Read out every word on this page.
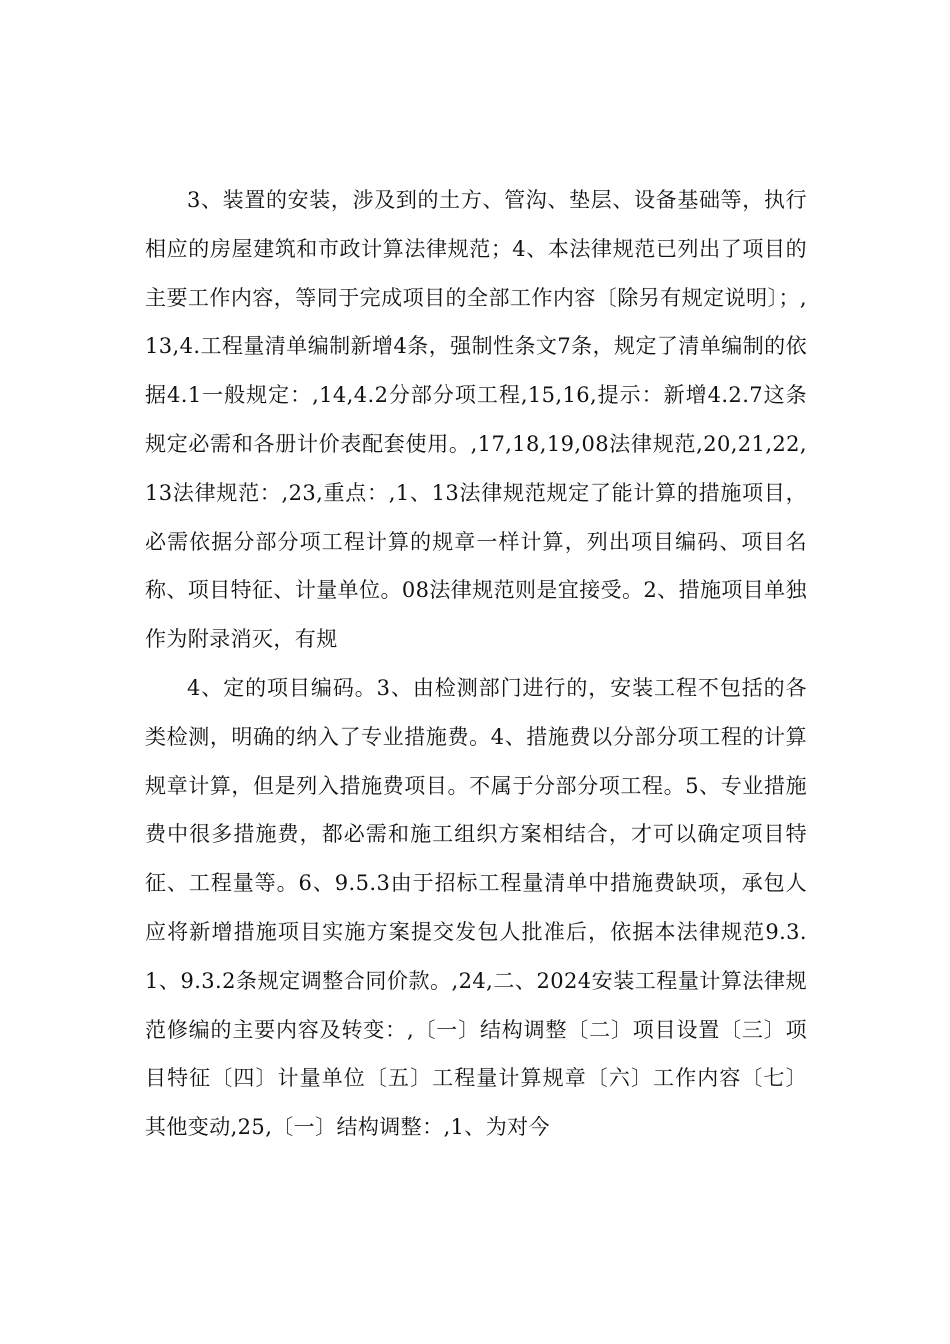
3、装置的安装，涉及到的土方、管沟、垫层、设备基础等，执行相应的房屋建筑和市政计算法律规范；4、本法律规范已列出了项目的主要工作内容，等同于完成项目的全部工作内容〔除另有规定说明〕；,13,4.工程量清单编制新增4条，强制性条文7条，规定了清单编制的依据4.1一般规定：,14,4.2分部分项工程,15,16,提示：新增4.2.7这条规定必需和各册计价表配套使用。,17,18,19,08法律规范,20,21,22,13法律规范：,23,重点：,1、13法律规范规定了能计算的措施项目，必需依据分部分项工程计算的规章一样计算，列出项目编码、项目名称、项目特征、计量单位。08法律规范则是宜接受。2、措施项目单独作为附录消灭，有规

4、定的项目编码。3、由检测部门进行的，安装工程不包括的各类检测，明确的纳入了专业措施费。4、措施费以分部分项工程的计算规章计算，但是列入措施费项目。不属于分部分项工程。5、专业措施费中很多措施费，都必需和施工组织方案相结合，才可以确定项目特征、工程量等。6、9.5.3由于招标工程量清单中措施费缺项，承包人应将新增措施项目实施方案提交发包人批准后，依据本法律规范9.3.1、9.3.2条规定调整合同价款。,24,二、2024安装工程量计算法律规范修编的主要内容及转变：,〔一〕结构调整〔二〕项目设置〔三〕项目特征〔四〕计量单位〔五〕工程量计算规章〔六〕工作内容〔七〕其他变动,25,〔一〕结构调整：,1、为对今
